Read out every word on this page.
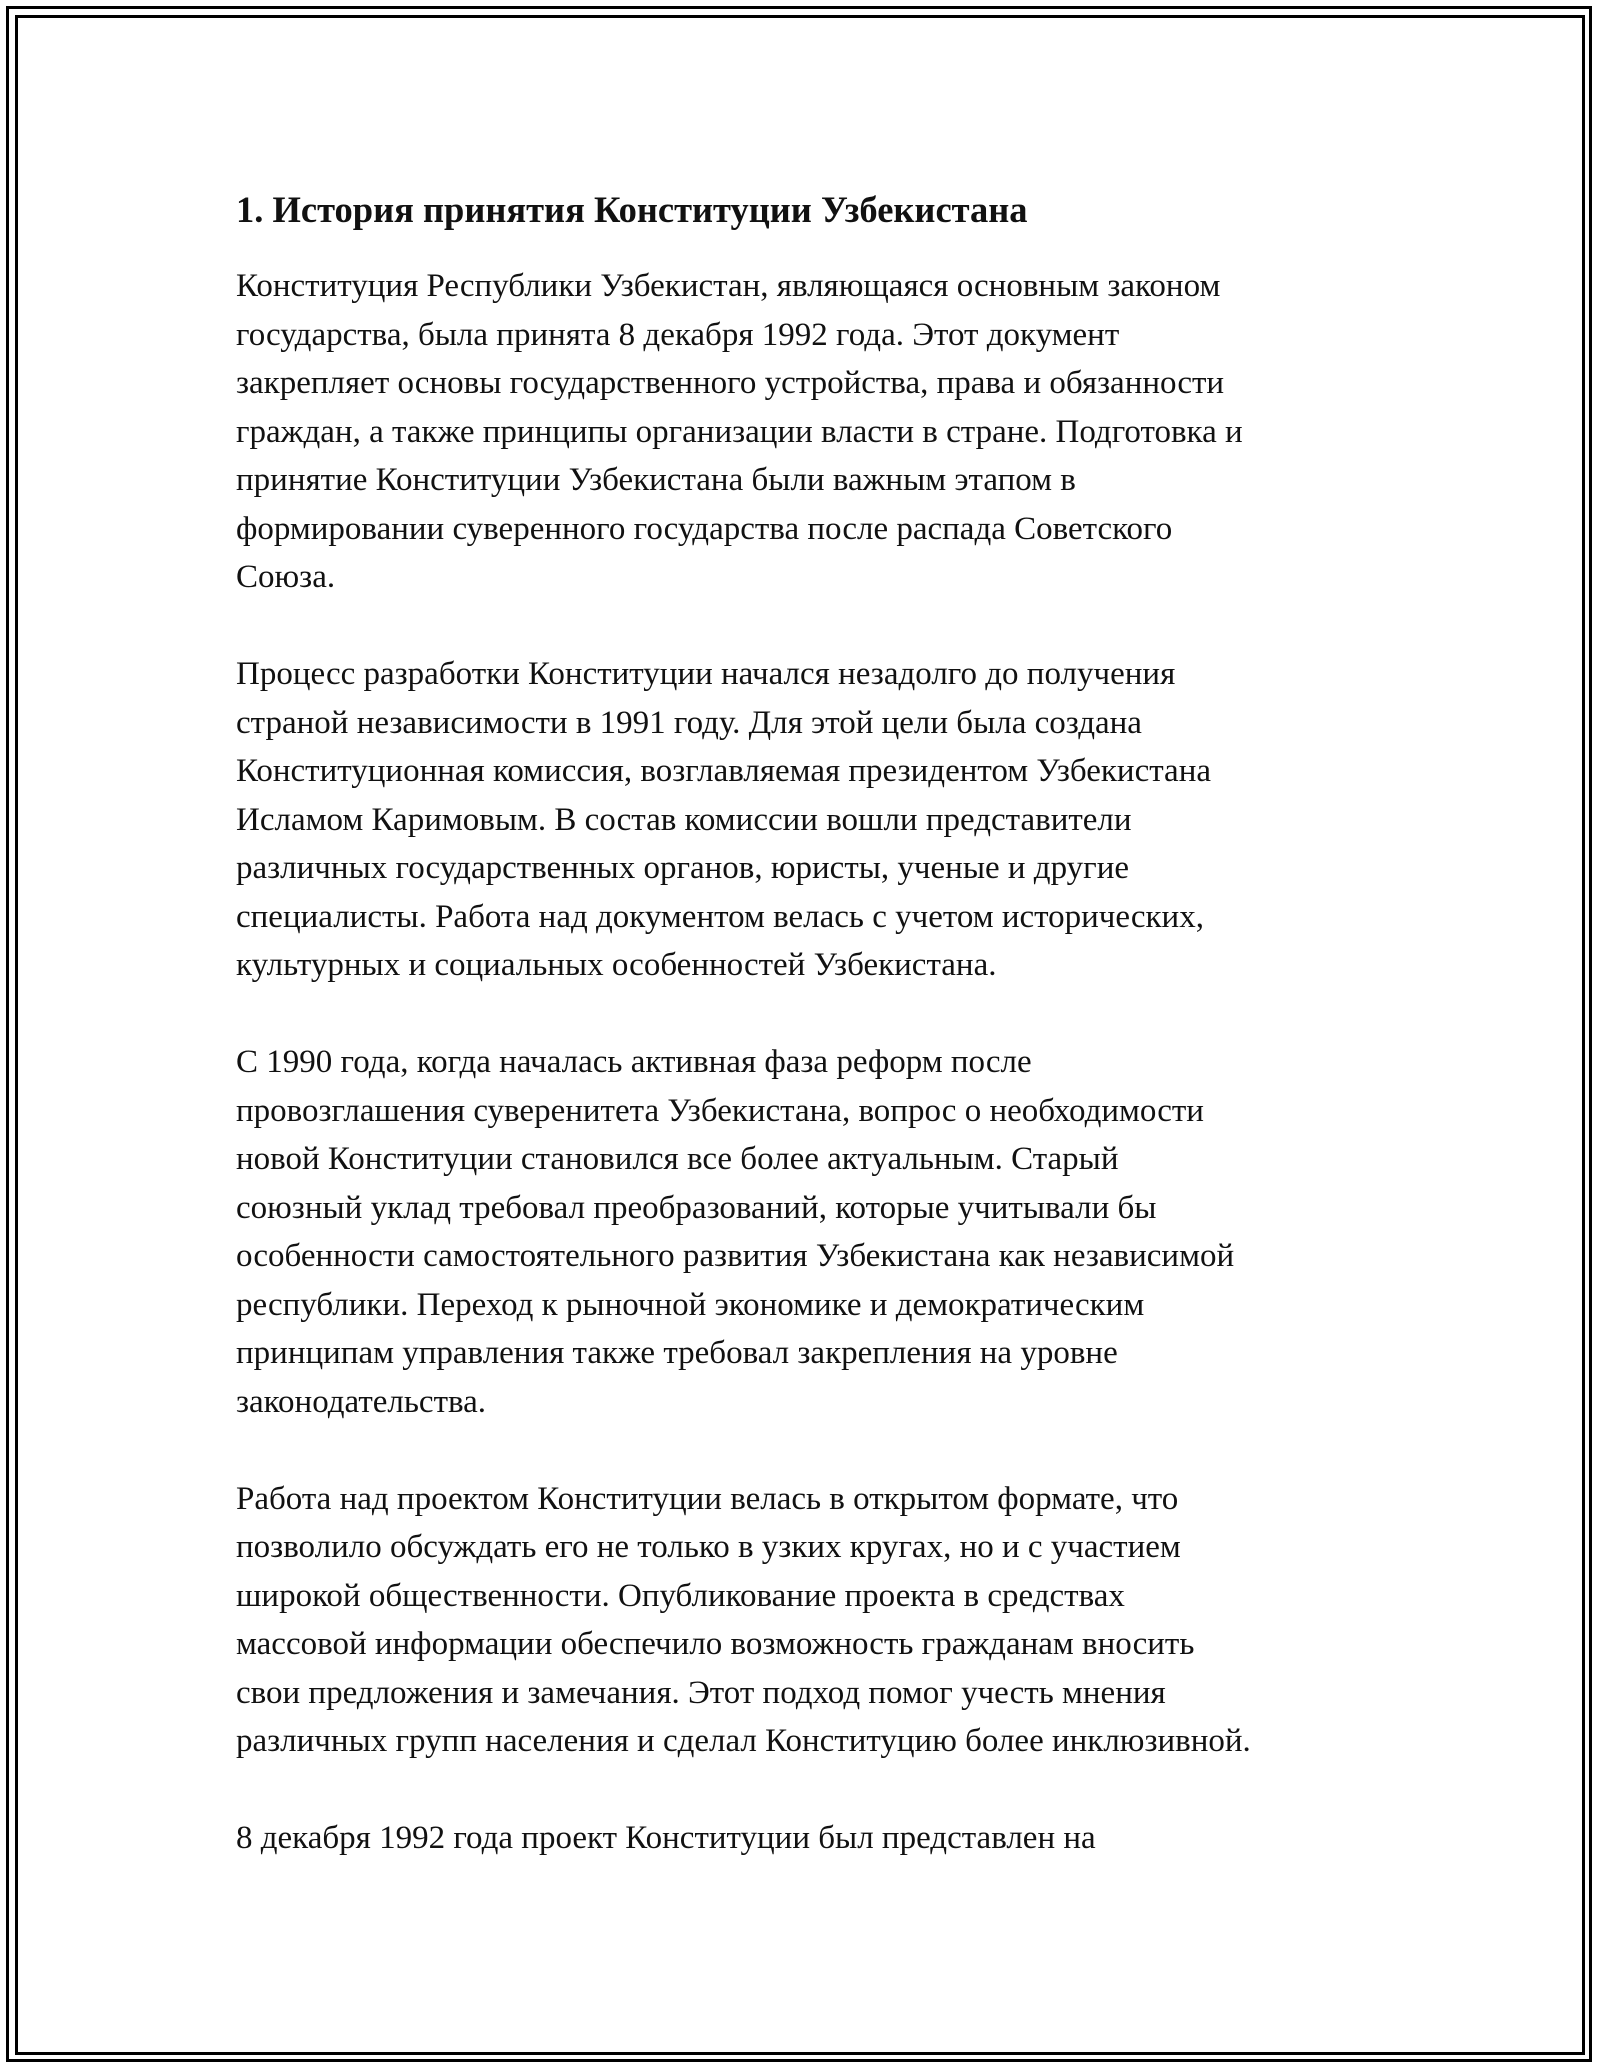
1. История принятия Конституции Узбекистана
Конституция Республики Узбекистан, являющаяся основным законом
государства, была принята 8 декабря 1992 года. Этот документ
закрепляет основы государственного устройства, права и обязанности
граждан, а также принципы организации власти в стране. Подготовка и
принятие Конституции Узбекистана были важным этапом в
формировании суверенного государства после распада Советского
Союза.
Процесс разработки Конституции начался незадолго до получения
страной независимости в 1991 году. Для этой цели была создана
Конституционная комиссия, возглавляемая президентом Узбекистана
Исламом Каримовым. В состав комиссии вошли представители
различных государственных органов, юристы, ученые и другие
специалисты. Работа над документом велась с учетом исторических,
культурных и социальных особенностей Узбекистана.
С 1990 года, когда началась активная фаза реформ после
провозглашения суверенитета Узбекистана, вопрос о необходимости
новой Конституции становился все более актуальным. Старый
союзный уклад требовал преобразований, которые учитывали бы
особенности самостоятельного развития Узбекистана как независимой
республики. Переход к рыночной экономике и демократическим
принципам управления также требовал закрепления на уровне
законодательства.
Работа над проектом Конституции велась в открытом формате, что
позволило обсуждать его не только в узких кругах, но и с участием
широкой общественности. Опубликование проекта в средствах
массовой информации обеспечило возможность гражданам вносить
свои предложения и замечания. Этот подход помог учесть мнения
различных групп населения и сделал Конституцию более инклюзивной.
8 декабря 1992 года проект Конституции был представлен на
